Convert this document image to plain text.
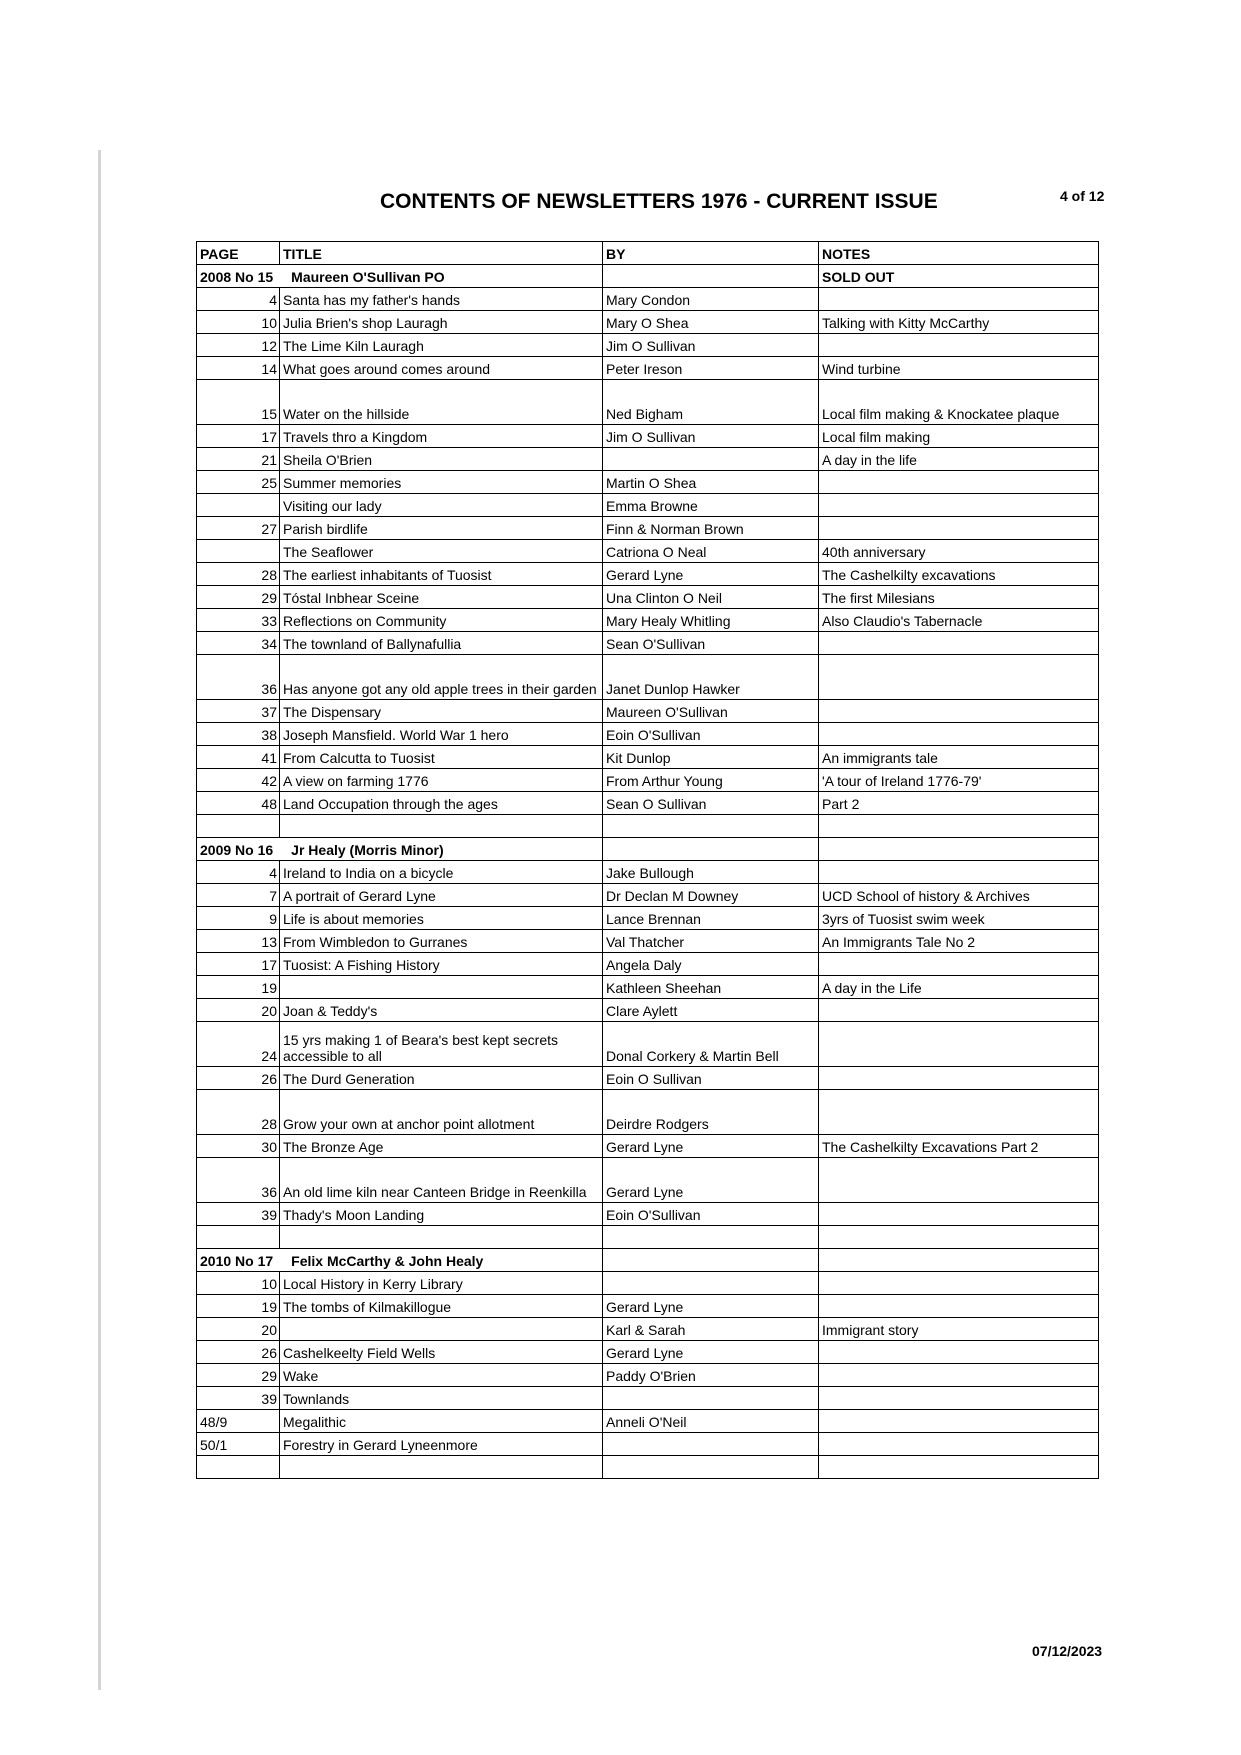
CONTENTS OF NEWSLETTERS 1976 - CURRENT ISSUE	4 of 12
PAGE	TITLE	BY	NOTES
2008 No 15 Maureen O'Sullivan PO			SOLD OUT
4	Santa has my father's hands	Mary Condon	
10	Julia Brien's shop Lauragh	Mary O Shea	Talking with Kitty McCarthy
12	The Lime Kiln Lauragh	Jim O Sullivan	
14	What goes around comes around	Peter Ireson	Wind turbine
15	Water on the hillside	Ned Bigham	Local film making & Knockatee plaque
17	Travels thro a Kingdom	Jim O Sullivan	Local film making
21	Sheila O'Brien		A day in the life
25	Summer memories	Martin O Shea	
	Visiting our lady	Emma Browne	
27	Parish birdlife	Finn & Norman Brown	
	The Seaflower	Catriona O Neal	40th anniversary
28	The earliest inhabitants of Tuosist	Gerard Lyne	The Cashelkilty excavations
29	Tóstal Inbhear Sceine	Una Clinton O Neil	The first Milesians
33	Reflections on Community	Mary Healy Whitling	Also Claudio's Tabernacle
34	The townland of Ballynafullia	Sean O'Sullivan	
36	Has anyone got any old apple trees in their garden	Janet Dunlop Hawker	
37	The Dispensary	Maureen O'Sullivan	
38	Joseph Mansfield. World War 1 hero	Eoin O'Sullivan	
41	From Calcutta to Tuosist	Kit Dunlop	An immigrants tale
42	A view on farming 1776	From Arthur Young	'A tour of Ireland 1776-79'
48	Land Occupation through the ages	Sean O Sullivan	Part 2

2009 No 16 Jr Healy (Morris Minor)			
4	Ireland to India on a bicycle	Jake Bullough	
7	A portrait of Gerard Lyne	Dr Declan M Downey	UCD School of history & Archives
9	Life is about memories	Lance Brennan	3yrs of Tuosist swim week
13	From Wimbledon to Gurranes	Val Thatcher	An Immigrants Tale No 2
17	Tuosist: A Fishing History	Angela Daly	
19		Kathleen Sheehan	A day in the Life
20	Joan & Teddy's	Clare Aylett	
24	15 yrs making 1 of Beara's best kept secrets accessible to all	Donal Corkery & Martin Bell	
26	The Durd Generation	Eoin O Sullivan	
28	Grow your own at anchor point allotment	Deirdre Rodgers	
30	The Bronze Age	Gerard Lyne	The Cashelkilty Excavations Part 2
36	An old lime kiln near Canteen Bridge in Reenkilla	Gerard Lyne	
39	Thady's Moon Landing	Eoin O'Sullivan	

2010 No 17 Felix McCarthy & John Healy			
10	Local History in Kerry Library		
19	The tombs of Kilmakillogue	Gerard Lyne	
20		Karl & Sarah	Immigrant story
26	Cashelkeelty Field Wells	Gerard Lyne	
29	Wake	Paddy O'Brien	
39	Townlands		
48/9	Megalithic	Anneli O'Neil	
50/1	Forestry in Gerard Lyneenmore		

07/12/2023
